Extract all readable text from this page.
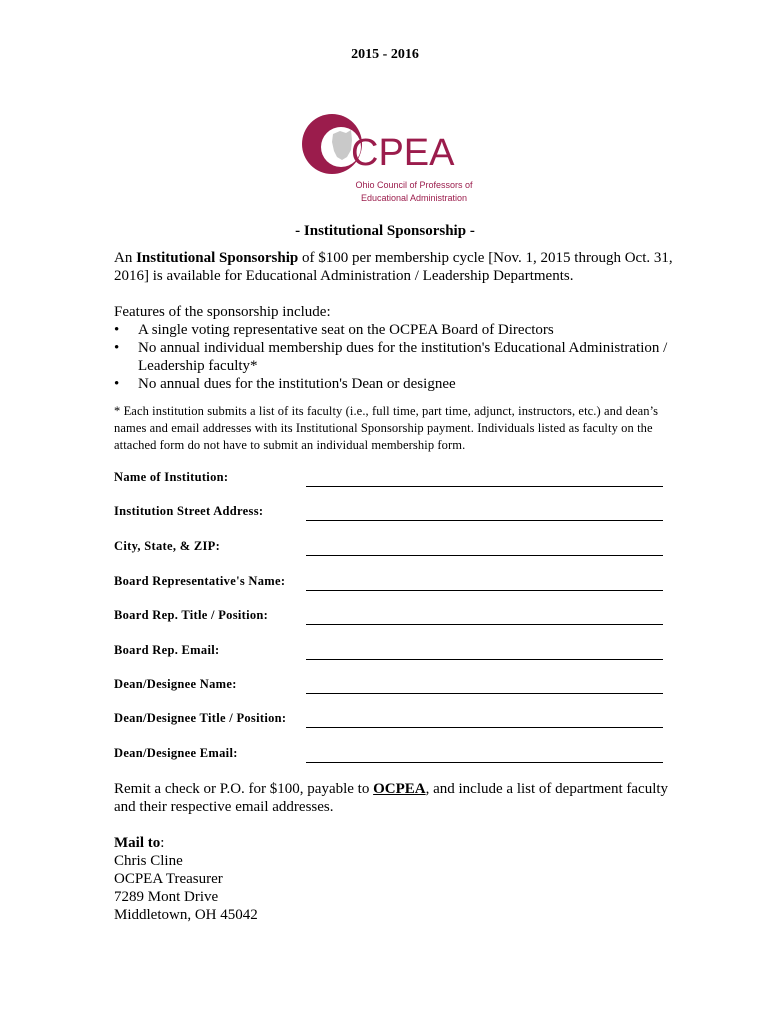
2015 - 2016
CPEA
Ohio Council of Professors of
Educational Administration
- Institutional Sponsorship -
An Institutional Sponsorship of $100 per membership cycle [Nov. 1, 2015 through Oct. 31, 2016] is available for Educational Administration / Leadership Departments.
Features of the sponsorship include:
• A single voting representative seat on the OCPEA Board of Directors
• No annual individual membership dues for the institution's Educational Administration / Leadership faculty*
• No annual dues for the institution's Dean or designee
* Each institution submits a list of its faculty (i.e., full time, part time, adjunct, instructors, etc.) and dean’s names and email addresses with its Institutional Sponsorship payment. Individuals listed as faculty on the attached form do not have to submit an individual membership form.
Name of Institution:
Institution Street Address:
City, State, & ZIP:
Board Representative's Name:
Board Rep. Title / Position:
Board Rep. Email:
Dean/Designee Name:
Dean/Designee Title / Position:
Dean/Designee Email:
Remit a check or P.O. for $100, payable to OCPEA, and include a list of department faculty and their respective email addresses.
Mail to:
Chris Cline
OCPEA Treasurer
7289 Mont Drive
Middletown, OH 45042
